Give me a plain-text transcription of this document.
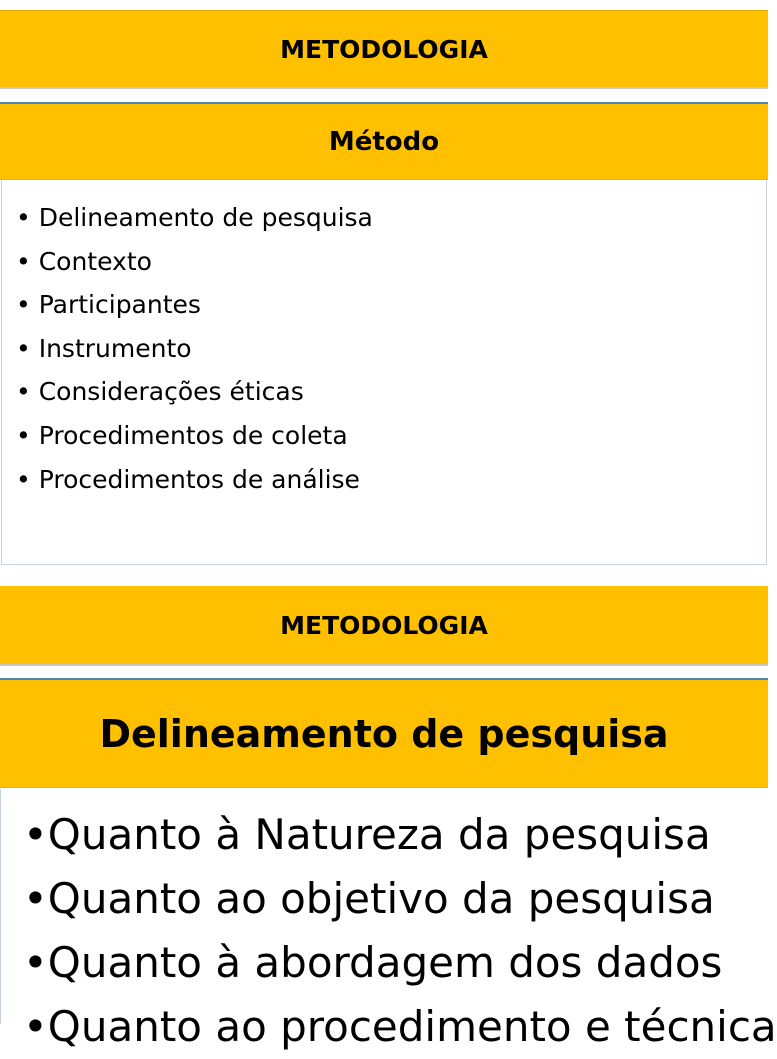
METODOLOGIA
Método
• Delineamento de pesquisa
• Contexto
• Participantes
• Instrumento
• Considerações éticas
• Procedimentos de coleta
• Procedimentos de análise
METODOLOGIA
Delineamento de pesquisa
•Quanto à Natureza da pesquisa
•Quanto ao objetivo da pesquisa
•Quanto à abordagem dos dados
•Quanto ao procedimento e técnica
